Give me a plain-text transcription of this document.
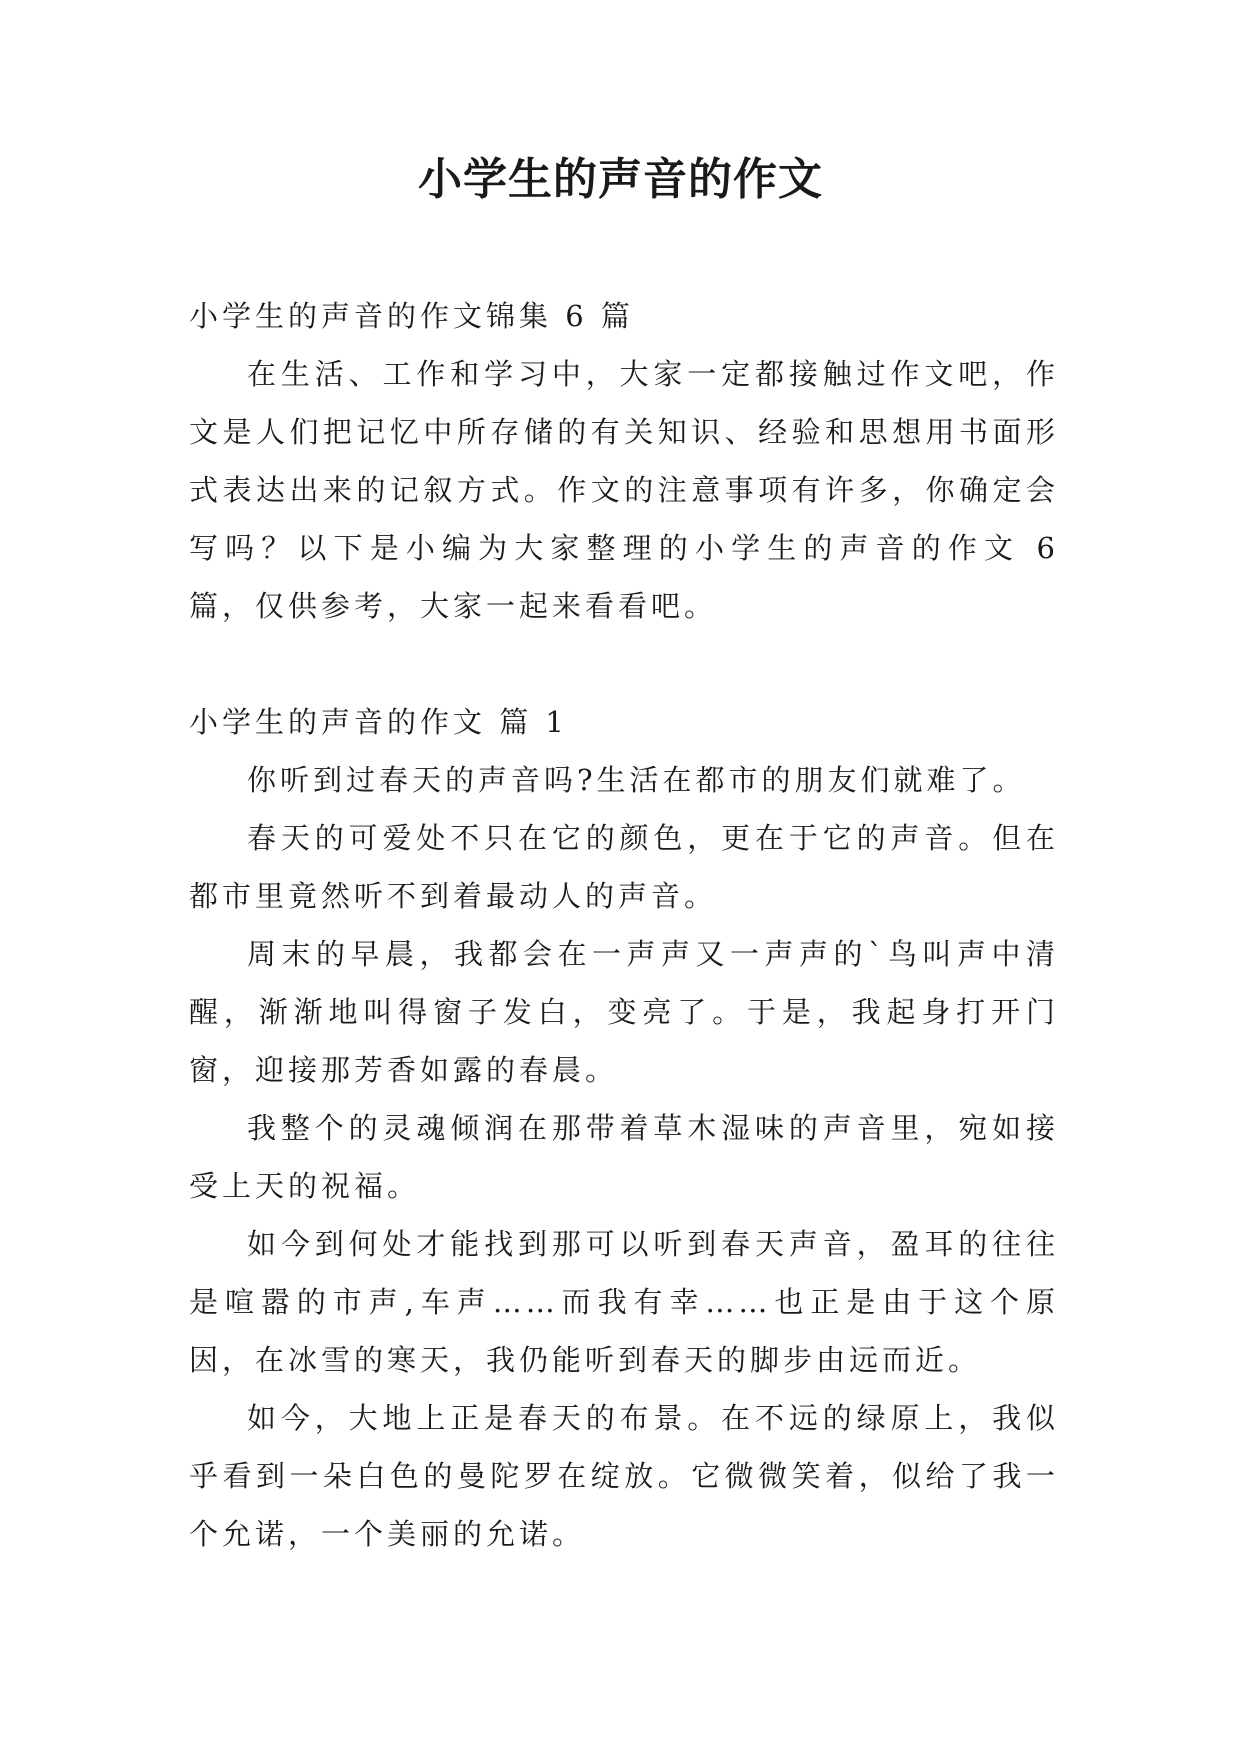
小学生的声音的作文

小学生的声音的作文锦集 6 篇

在生活、工作和学习中，大家一定都接触过作文吧，作文是人们把记忆中所存储的有关知识、经验和思想用书面形式表达出来的记叙方式。作文的注意事项有许多，你确定会写吗？以下是小编为大家整理的小学生的声音的作文 6 篇，仅供参考，大家一起来看看吧。

小学生的声音的作文 篇 1

你听到过春天的声音吗?生活在都市的朋友们就难了。

春天的可爱处不只在它的颜色，更在于它的声音。但在都市里竟然听不到着最动人的声音。

周末的早晨，我都会在一声声又一声声的`鸟叫声中清醒，渐渐地叫得窗子发白，变亮了。于是，我起身打开门窗，迎接那芳香如露的春晨。

我整个的灵魂倾润在那带着草木湿味的声音里，宛如接受上天的祝福。

如今到何处才能找到那可以听到春天声音，盈耳的往往是喧嚣的市声,车声……而我有幸……也正是由于这个原因，在冰雪的寒天，我仍能听到春天的脚步由远而近。

如今，大地上正是春天的布景。在不远的绿原上，我似乎看到一朵白色的曼陀罗在绽放。它微微笑着，似给了我一个允诺，一个美丽的允诺。
